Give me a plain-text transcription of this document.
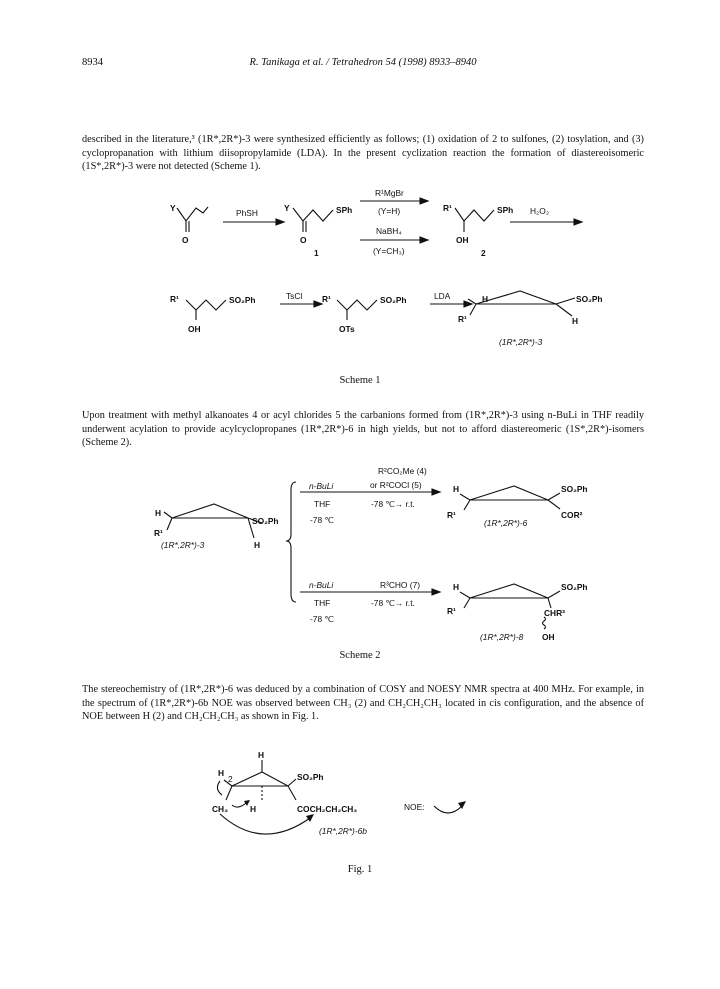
8934	R. Tanikaga et al. / Tetrahedron 54 (1998) 8933–8940
described in the literature,³ (1R*,2R*)-3 were synthesized efficiently as follows; (1) oxidation of 2 to sulfones, (2) tosylation, and (3) cyclopropanation with lithium diisopropylamide (LDA). In the present cyclization reaction the formation of diastereoisomeric (1S*,2R*)-3 were not detected (Scheme 1).
Y
O
Y
O
SPh
1
R¹	SPh
OH
2
R¹	SO₂Ph
OH
R¹	SO₂Ph
OTs
H	SO₂Ph
R¹	H
PhSH
R¹MgBr
(Y=H)
NaBH₄
(Y=CH₃)
H₂O₂
TsCl	LDA
(1R*,2R*)-3
Scheme 1
Upon treatment with methyl alkanoates 4 or acyl chlorides 5 the carbanions formed from (1R*,2R*)-3 using n-BuLi in THF readily underwent acylation to provide acylcyclopropanes (1R*,2R*)-6 in high yields, but not to afford diastereomeric (1S*,2R*)-isomers (Scheme 2).
H
SO₂Ph
R¹
H
H	SO₂Ph
R¹	COR²
H	SO₂Ph
R¹	CHR³
OH
(1R*,2R*)-3
n-BuLi
R²CO₂Me (4)
or R²COCl (5)
THF	-78 ℃→ r.t.
-78 ℃	(1R*,2R*)-6
n-BuLi	R³CHO (7)
THF	-78 ℃→ r.t.
-78 ℃
(1R*,2R*)-8
Scheme 2
The stereochemistry of (1R*,2R*)-6 was deduced by a combination of COSY and NOESY NMR spectra at 400 MHz. For example, in the spectrum of (1R*,2R*)-6b NOE was observed between CH₃ (2) and CH₂CH₂CH₃ located in cis configuration, and the absence of NOE between H (2) and CH₂CH₂CH₃ as shown in Fig. 1.
H
H
2	SO₂Ph
CH₃	H	COCH₂CH₂CH₃	NOE:
(1R*,2R*)-6b
Fig. 1
